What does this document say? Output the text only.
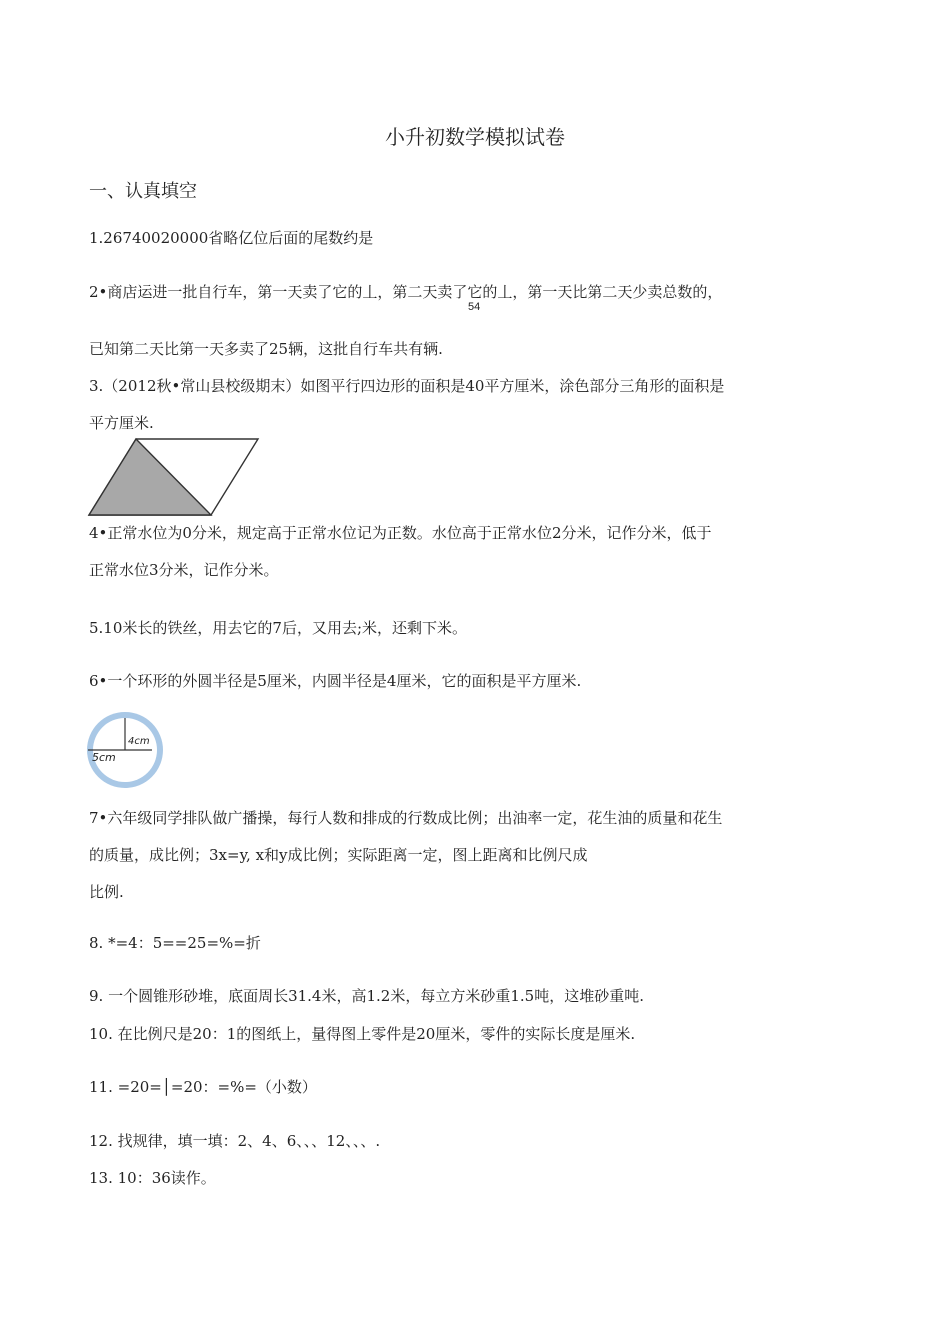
小升初数学模拟试卷
一、认真填空
1.26740020000省略亿位后面的尾数约是
2•商店运进一批自行车，第一天卖了它的丄，第二天卖了它的丄，第一天比第二天少卖总数的，
54
已知第二天比第一天多卖了25辆，这批自行车共有辆.
3.（2012秋•常山县校级期末）如图平行四边形的面积是40平方厘米，涂色部分三角形的面积是
平方厘米.
4•正常水位为0分米，规定高于正常水位记为正数。水位高于正常水位2分米，记作分米，低于
正常水位3分米，记作分米。
5.10米长的铁丝，用去它的7后，又用去;米，还剩下米。
6•一个环形的外圆半径是5厘米，内圆半径是4厘米，它的面积是平方厘米.
4cm
5cm
7•六年级同学排队做广播操，每行人数和排成的行数成比例；出油率一定，花生油的质量和花生
的质量，成比例；3x=y, x和y成比例；实际距离一定，图上距离和比例尺成
比例.
8. *=4：5==25=%=折
9. 一个圆锥形砂堆，底面周长31.4米，高1.2米，每立方米砂重1.5吨，这堆砂重吨.
10. 在比例尺是20：1的图纸上，量得图上零件是20厘米，零件的实际长度是厘米.
11. =20=│=20：=%=（小数）
12. 找规律，填一填：2、4、6、、、12、、、.
13. 10：36读作。
